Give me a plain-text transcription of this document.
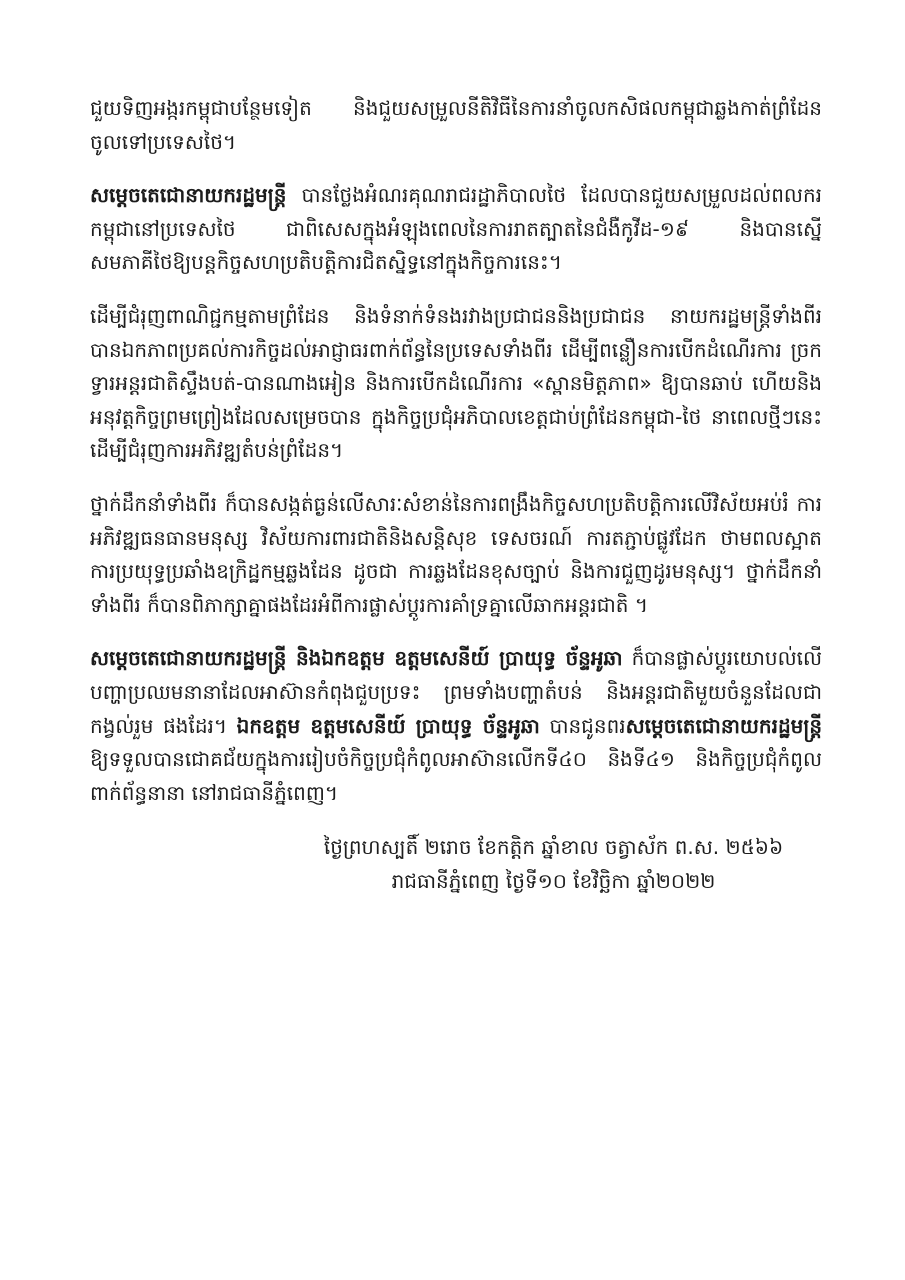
ជួយទិញអង្ករកម្ពុជាបន្ថែមទៀត និងជួយសម្រួលនីតិវិធីនៃការនាំចូលកសិផលកម្ពុជាឆ្លងកាត់ព្រំដែន ចូលទៅប្រទេសថៃ។

សម្តេចតេជោនាយករដ្ឋមន្ត្រី បានថ្លែងអំណរគុណរាជរដ្ឋាភិបាលថៃ ដែលបានជួយសម្រួលដល់ពលករកម្ពុជានៅប្រទេសថៃ ជាពិសេសក្នុងអំឡុងពេលនៃការរាតត្បាតនៃជំងឺកូវីដ-១៩ និងបានស្នើសមភាគីថៃឱ្យបន្តកិច្ចសហប្រតិបត្តិការជិតស្និទ្ធនៅក្នុងកិច្ចការនេះ។

ដើម្បីជំរុញពាណិជ្ជកម្មតាមព្រំដែន និងទំនាក់ទំនងរវាងប្រជាជននិងប្រជាជន នាយករដ្ឋមន្ត្រីទាំងពីរ បានឯកភាពប្រគល់ការកិច្ចដល់អាជ្ញាធរពាក់ព័ន្ធនៃប្រទេសទាំងពីរ ដើម្បីពន្លឿនការបើកដំណើរការ ច្រកទ្វារអន្តរជាតិស្ទឹងបត់-បានណាងអៀន និងការបើកដំណើរការ «ស្ពានមិត្តភាព» ឱ្យបានឆាប់ ហើយនិងអនុវត្តកិច្ចព្រមព្រៀងដែលសម្រេចបាន ក្នុងកិច្ចប្រជុំអភិបាលខេត្តជាប់ព្រំដែនកម្ពុជា-ថៃ នាពេលថ្មីៗនេះ ដើម្បីជំរុញការអភិវឌ្ឍតំបន់ព្រំដែន។

ថ្នាក់ដឹកនាំទាំងពីរ ក៏បានសង្កត់ធ្ងន់លើសារៈសំខាន់នៃការពង្រឹងកិច្ចសហប្រតិបត្តិការលើវិស័យអប់រំ ការអភិវឌ្ឍធនធានមនុស្ស វិស័យការពារជាតិនិងសន្តិសុខ ទេសចរណ៍ ការតភ្ជាប់ផ្លូវដែក ថាមពលស្អាត ការប្រយុទ្ធប្រឆាំងឧក្រិដ្ឋកម្មឆ្លងដែន ដូចជា ការឆ្លងដែនខុសច្បាប់ និងការជួញដូរមនុស្ស។ ថ្នាក់ដឹកនាំទាំងពីរ ក៏បានពិភាក្សាគ្នាផងដែរអំពីការផ្លាស់ប្តូរការគាំទ្រគ្នាលើឆាកអន្តរជាតិ ។

សម្តេចតេជោនាយករដ្ឋមន្ត្រី និងឯកឧត្តម ឧត្តមសេនីយ៍ ប្រាយុទ្ធ ច័ន្ទអូឆា ក៏បានផ្លាស់ប្តូរយោបល់លើបញ្ហាប្រឈមនានាដែលអាស៊ានកំពុងជួបប្រទះ ព្រមទាំងបញ្ហាតំបន់ និងអន្តរជាតិមួយចំនួនដែលជាកង្វល់រួម ផងដែរ។ ឯកឧត្តម ឧត្តមសេនីយ៍ ប្រាយុទ្ធ ច័ន្ទអូឆា បានជូនពរសម្តេចតេជោនាយករដ្ឋមន្ត្រី ឱ្យទទួលបានជោគជ័យក្នុងការរៀបចំកិច្ចប្រជុំកំពូលអាស៊ានលើកទី៤០ និងទី៤១ និងកិច្ចប្រជុំកំពូលពាក់ព័ន្ធនានា នៅរាជធានីភ្នំពេញ។

ថ្ងៃព្រហស្បតិ៍ ២រោច ខែកត្តិក ឆ្នាំខាល ចត្វាស័ក ព.ស. ២៥៦៦
រាជធានីភ្នំពេញ ថ្ងៃទី១០ ខែវិច្ឆិកា ឆ្នាំ២០២២
